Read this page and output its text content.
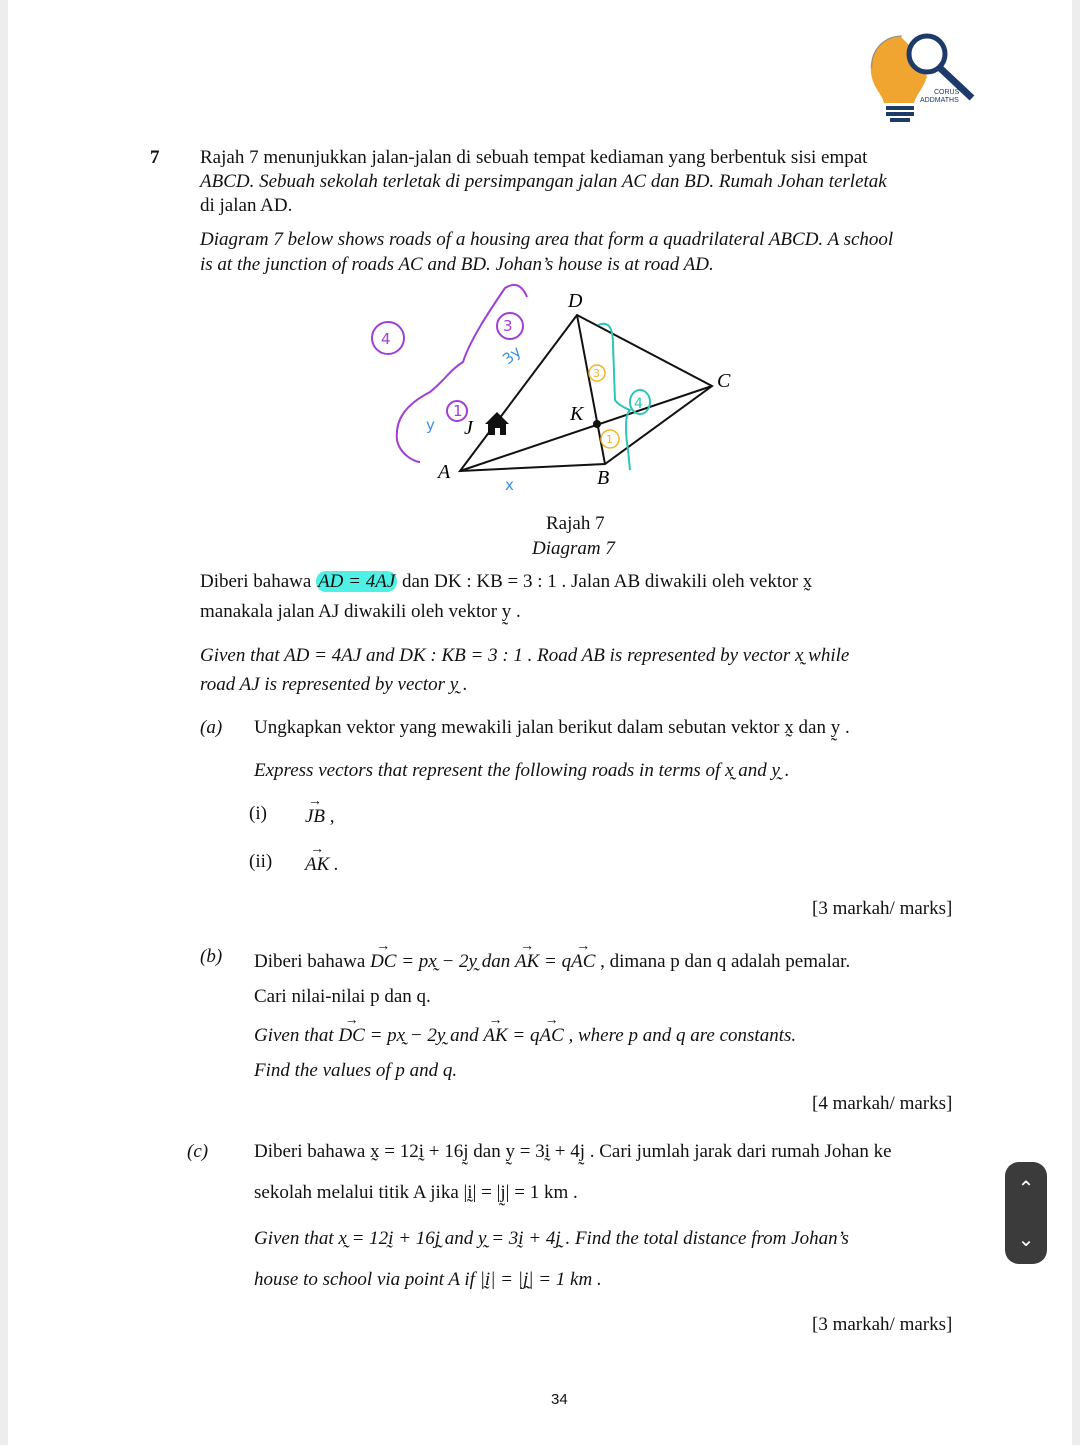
CORUS
ADDMATHS
7 Rajah 7 menunjukkan jalan-jalan di sebuah tempat kediaman yang berbentuk sisi empat
ABCD. Sebuah sekolah terletak di persimpangan jalan AC dan BD. Rumah Johan terletak
di jalan AD.
Diagram 7 below shows roads of a housing area that form a quadrilateral ABCD. A school
is at the junction of roads AC and BD. Johan’s house is at road AD.
D
C
K
B
A
J
4
3
1
3y
y
x
3
1
4
Rajah 7
Diagram 7
Diberi bahawa AD = 4AJ dan DK : KB = 3 : 1 . Jalan AB diwakili oleh vektor x̰
manakala jalan AJ diwakili oleh vektor y̰ .
Given that AD = 4AJ and DK : KB = 3 : 1 . Road AB is represented by vector x̰ while
road AJ is represented by vector y̰ .
(a) Ungkapkan vektor yang mewakili jalan berikut dalam sebutan vektor x̰ dan y̰ .
Express vectors that represent the following roads in terms of x̰ and y̰ .
(i) → JB ,
(ii) → AK .
[3 markah/ marks]
(b) Diberi bahawa → DC = px̰ − 2y̰ dan → AK = q→ AC , dimana p dan q adalah pemalar.
Cari nilai-nilai p dan q.
Given that → DC = px̰ − 2y̰ and → AK = q→ AC , where p and q are constants.
Find the values of p and q.
[4 markah/ marks]
(c) Diberi bahawa x̰ = 12ḭ + 16j̰ dan y̰ = 3ḭ + 4j̰ . Cari jumlah jarak dari rumah Johan ke
sekolah melalui titik A jika |ḭ| = |j̰| = 1 km .
Given that x̰ = 12ḭ + 16j̰ and y̰ = 3ḭ + 4j̰ . Find the total distance from Johan’s
house to school via point A if |ḭ| = |j̰| = 1 km .
[3 markah/ marks]
34
⌃
⌄
